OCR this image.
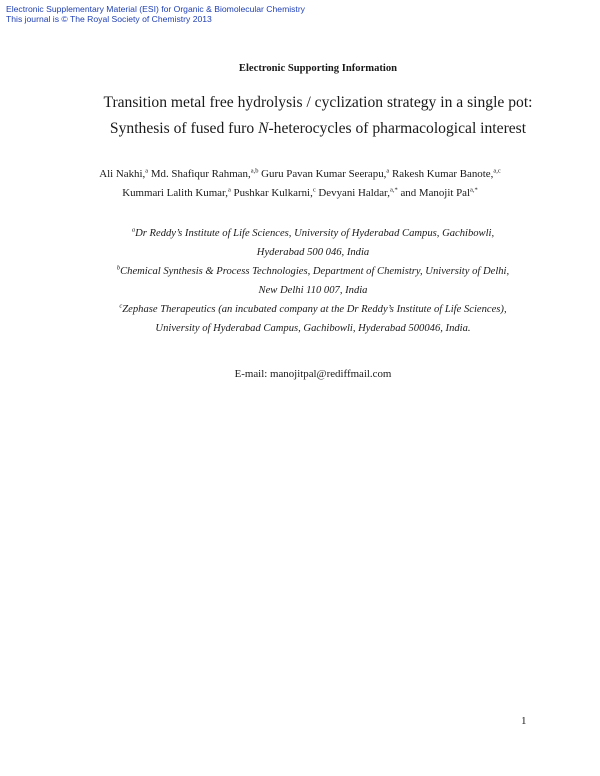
Electronic Supplementary Material (ESI) for Organic & Biomolecular Chemistry
This journal is © The Royal Society of Chemistry 2013
Electronic Supporting Information
Transition metal free hydrolysis / cyclization strategy in a single pot:
Synthesis of fused furo N-heterocycles of pharmacological interest
Ali Nakhi,$^a$ Md. Shafiqur Rahman,$^{a,b}$ Guru Pavan Kumar Seerapu,$^a$ Rakesh Kumar Banote,$^{a,c}$
Kummari Lalith Kumar,$^a$ Pushkar Kulkarni,$^c$ Devyani Haldar,$^{a,*}$ and Manojit Pal$^{a,*}$
$^a$Dr Reddy’s Institute of Life Sciences, University of Hyderabad Campus, Gachibowli,
Hyderabad 500 046, India
$^b$Chemical Synthesis & Process Technologies, Department of Chemistry, University of Delhi,
New Delhi 110 007, India
$^c$Zephase Therapeutics (an incubated company at the Dr Reddy’s Institute of Life Sciences),
University of Hyderabad Campus, Gachibowli, Hyderabad 500046, India.
E-mail: manojitpal@rediffmail.com
1
